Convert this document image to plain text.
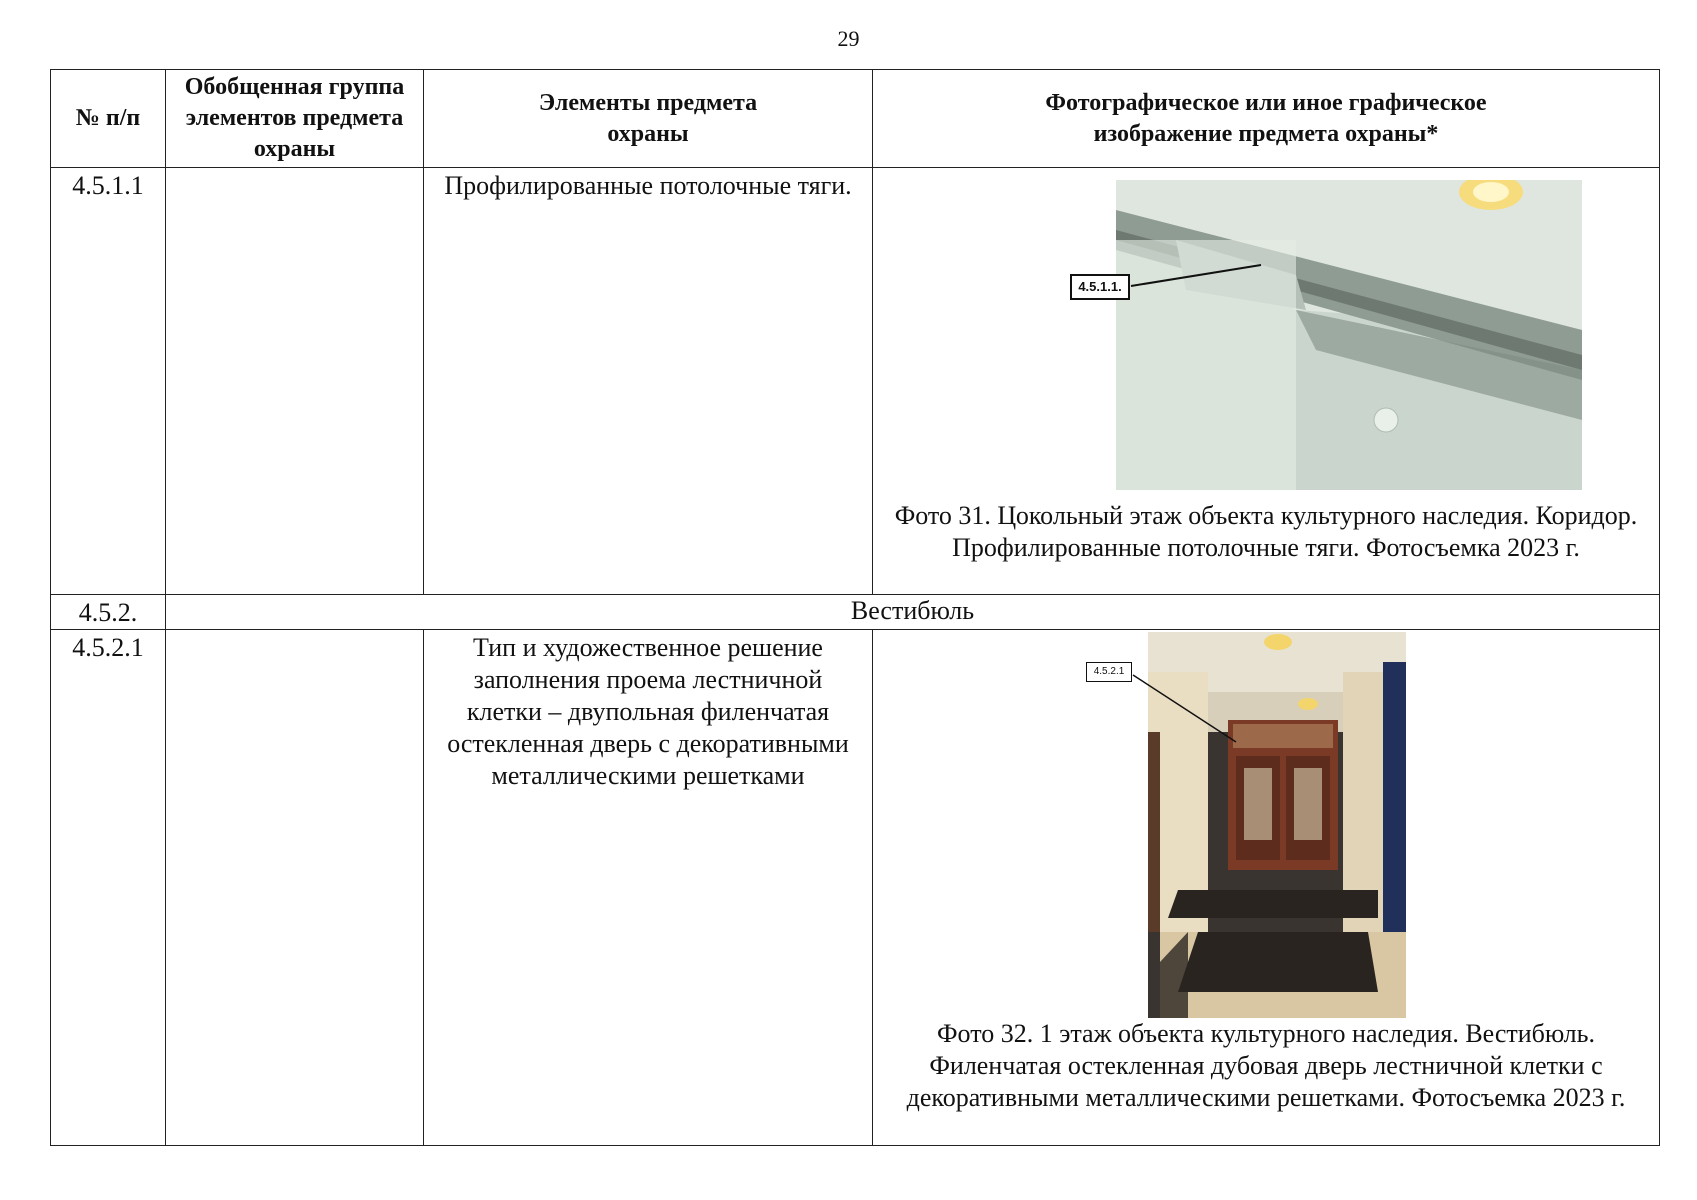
29
№ п/п	Обобщенная группа элементов предмета охраны	Элементы предмета охраны	Фотографическое или иное графическое изображение предмета охраны*
4.5.1.1		Профилированные потолочные тяги.	4.5.1.1.
Фото 31. Цокольный этаж объекта культурного наследия. Коридор. Профилированные потолочные тяги. Фотосъемка 2023 г.

4.5.2.	Вестибюль		
4.5.2.1		Тип и художественное решение заполнения проема лестничной клетки – двупольная филенчатая остекленная дверь с декоративными металлическими решетками	4.5.2.1
Фото 32. 1 этаж объекта культурного наследия. Вестибюль. Филенчатая остекленная дубовая дверь лестничной клетки с декоративными металлическими решетками. Фотосъемка 2023 г.
